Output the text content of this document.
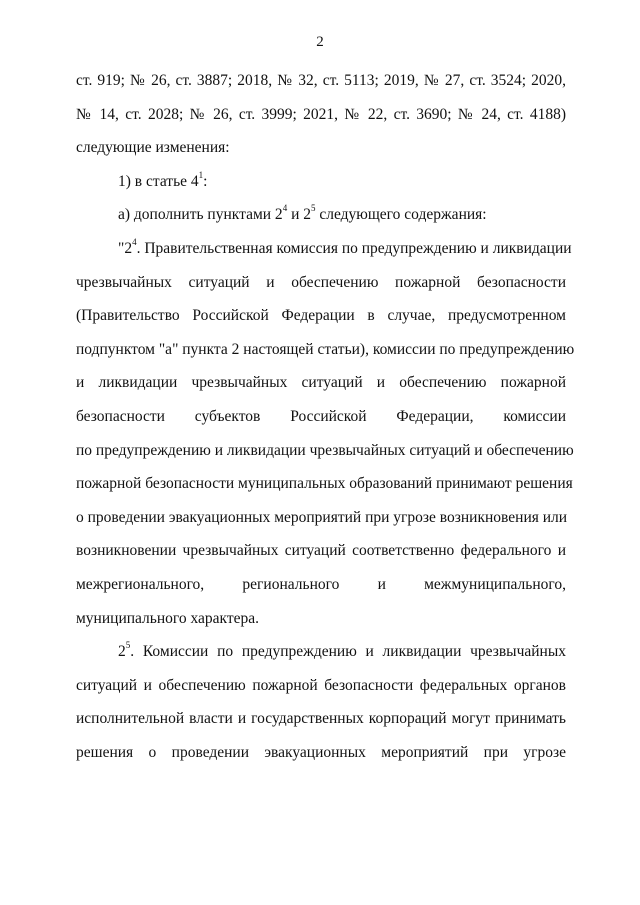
2
ст. 919; № 26, ст. 3887; 2018, № 32, ст. 5113; 2019, № 27, ст. 3524; 2020,
№ 14, ст. 2028; № 26, ст. 3999; 2021, № 22, ст. 3690; № 24, ст. 4188)
следующие изменения:
1) в статье $4^1$:
а) дополнить пунктами $2^4$ и $2^5$ следующего содержания:
"$2^4$. Правительственная комиссия по предупреждению и ликвидации
чрезвычайных ситуаций и обеспечению пожарной безопасности
(Правительство Российской Федерации в случае, предусмотренном
подпунктом "а" пункта 2 настоящей статьи), комиссии по предупреждению
и ликвидации чрезвычайных ситуаций и обеспечению пожарной
безопасности субъектов Российской Федерации, комиссии
по предупреждению и ликвидации чрезвычайных ситуаций и обеспечению
пожарной безопасности муниципальных образований принимают решения
о проведении эвакуационных мероприятий при угрозе возникновения или
возникновении чрезвычайных ситуаций соответственно федерального и
межрегионального, регионального и межмуниципального,
муниципального характера.
$2^5$. Комиссии по предупреждению и ликвидации чрезвычайных
ситуаций и обеспечению пожарной безопасности федеральных органов
исполнительной власти и государственных корпораций могут принимать
решения о проведении эвакуационных мероприятий при угрозе
